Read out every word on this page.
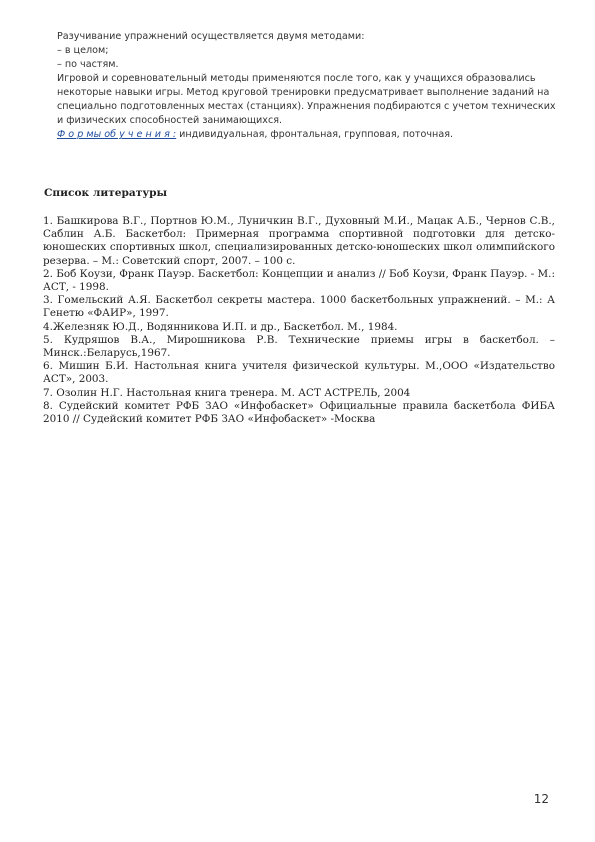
Разучивание упражнений осуществляется двумя методами:
– в целом;
– по частям.
Игровой и соревновательный методы применяются после того, как у учащихся образовались
некоторые навыки игры. Метод круговой тренировки предусматривает выполнение заданий на
специально подготовленных местах (станциях). Упражнения подбираются с учетом технических
и физических способностей занимающихся.
Ф о р мы об у ч е н и я : индивидуальная, фронтальная, групповая, поточная.
Список литературы
1. Башкирова В.Г., Портнов Ю.М., Луничкин В.Г., Духовный М.И., Мацак А.Б., Чернов С.В., Саблин А.Б. Баскетбол: Примерная программа спортивной подготовки для детско-юношеских спортивных школ, специализированных детско-юношеских школ олимпийского резерва. – М.: Советский спорт, 2007. – 100 с.
2. Боб Коузи, Франк Пауэр. Баскетбол: Концепции и анализ // Боб Коузи, Франк Пауэр. - М.: АСТ, - 1998.
3. Гомельский А.Я. Баскетбол секреты мастера. 1000 баскетбольных упражнений. – М.: А Генетю «ФАИР», 1997.
4.Железняк Ю.Д., Водянникова И.П. и др., Баскетбол. М., 1984.
5. Кудряшов В.А., Мирошникова Р.В. Технические приемы игры в баскетбол. – Минск.:Беларусь,1967.
6. Мишин Б.И. Настольная книга учителя физической культуры. М.,ООО «Издательство АСТ», 2003.
7. Озолин Н.Г. Настольная книга тренера. М. АСТ АСТРЕЛЬ, 2004
8. Судейский комитет РФБ ЗАО «Инфобаскет» Официальные правила баскетбола ФИБА 2010 // Судейский комитет РФБ ЗАО «Инфобаскет» -Москва
12
